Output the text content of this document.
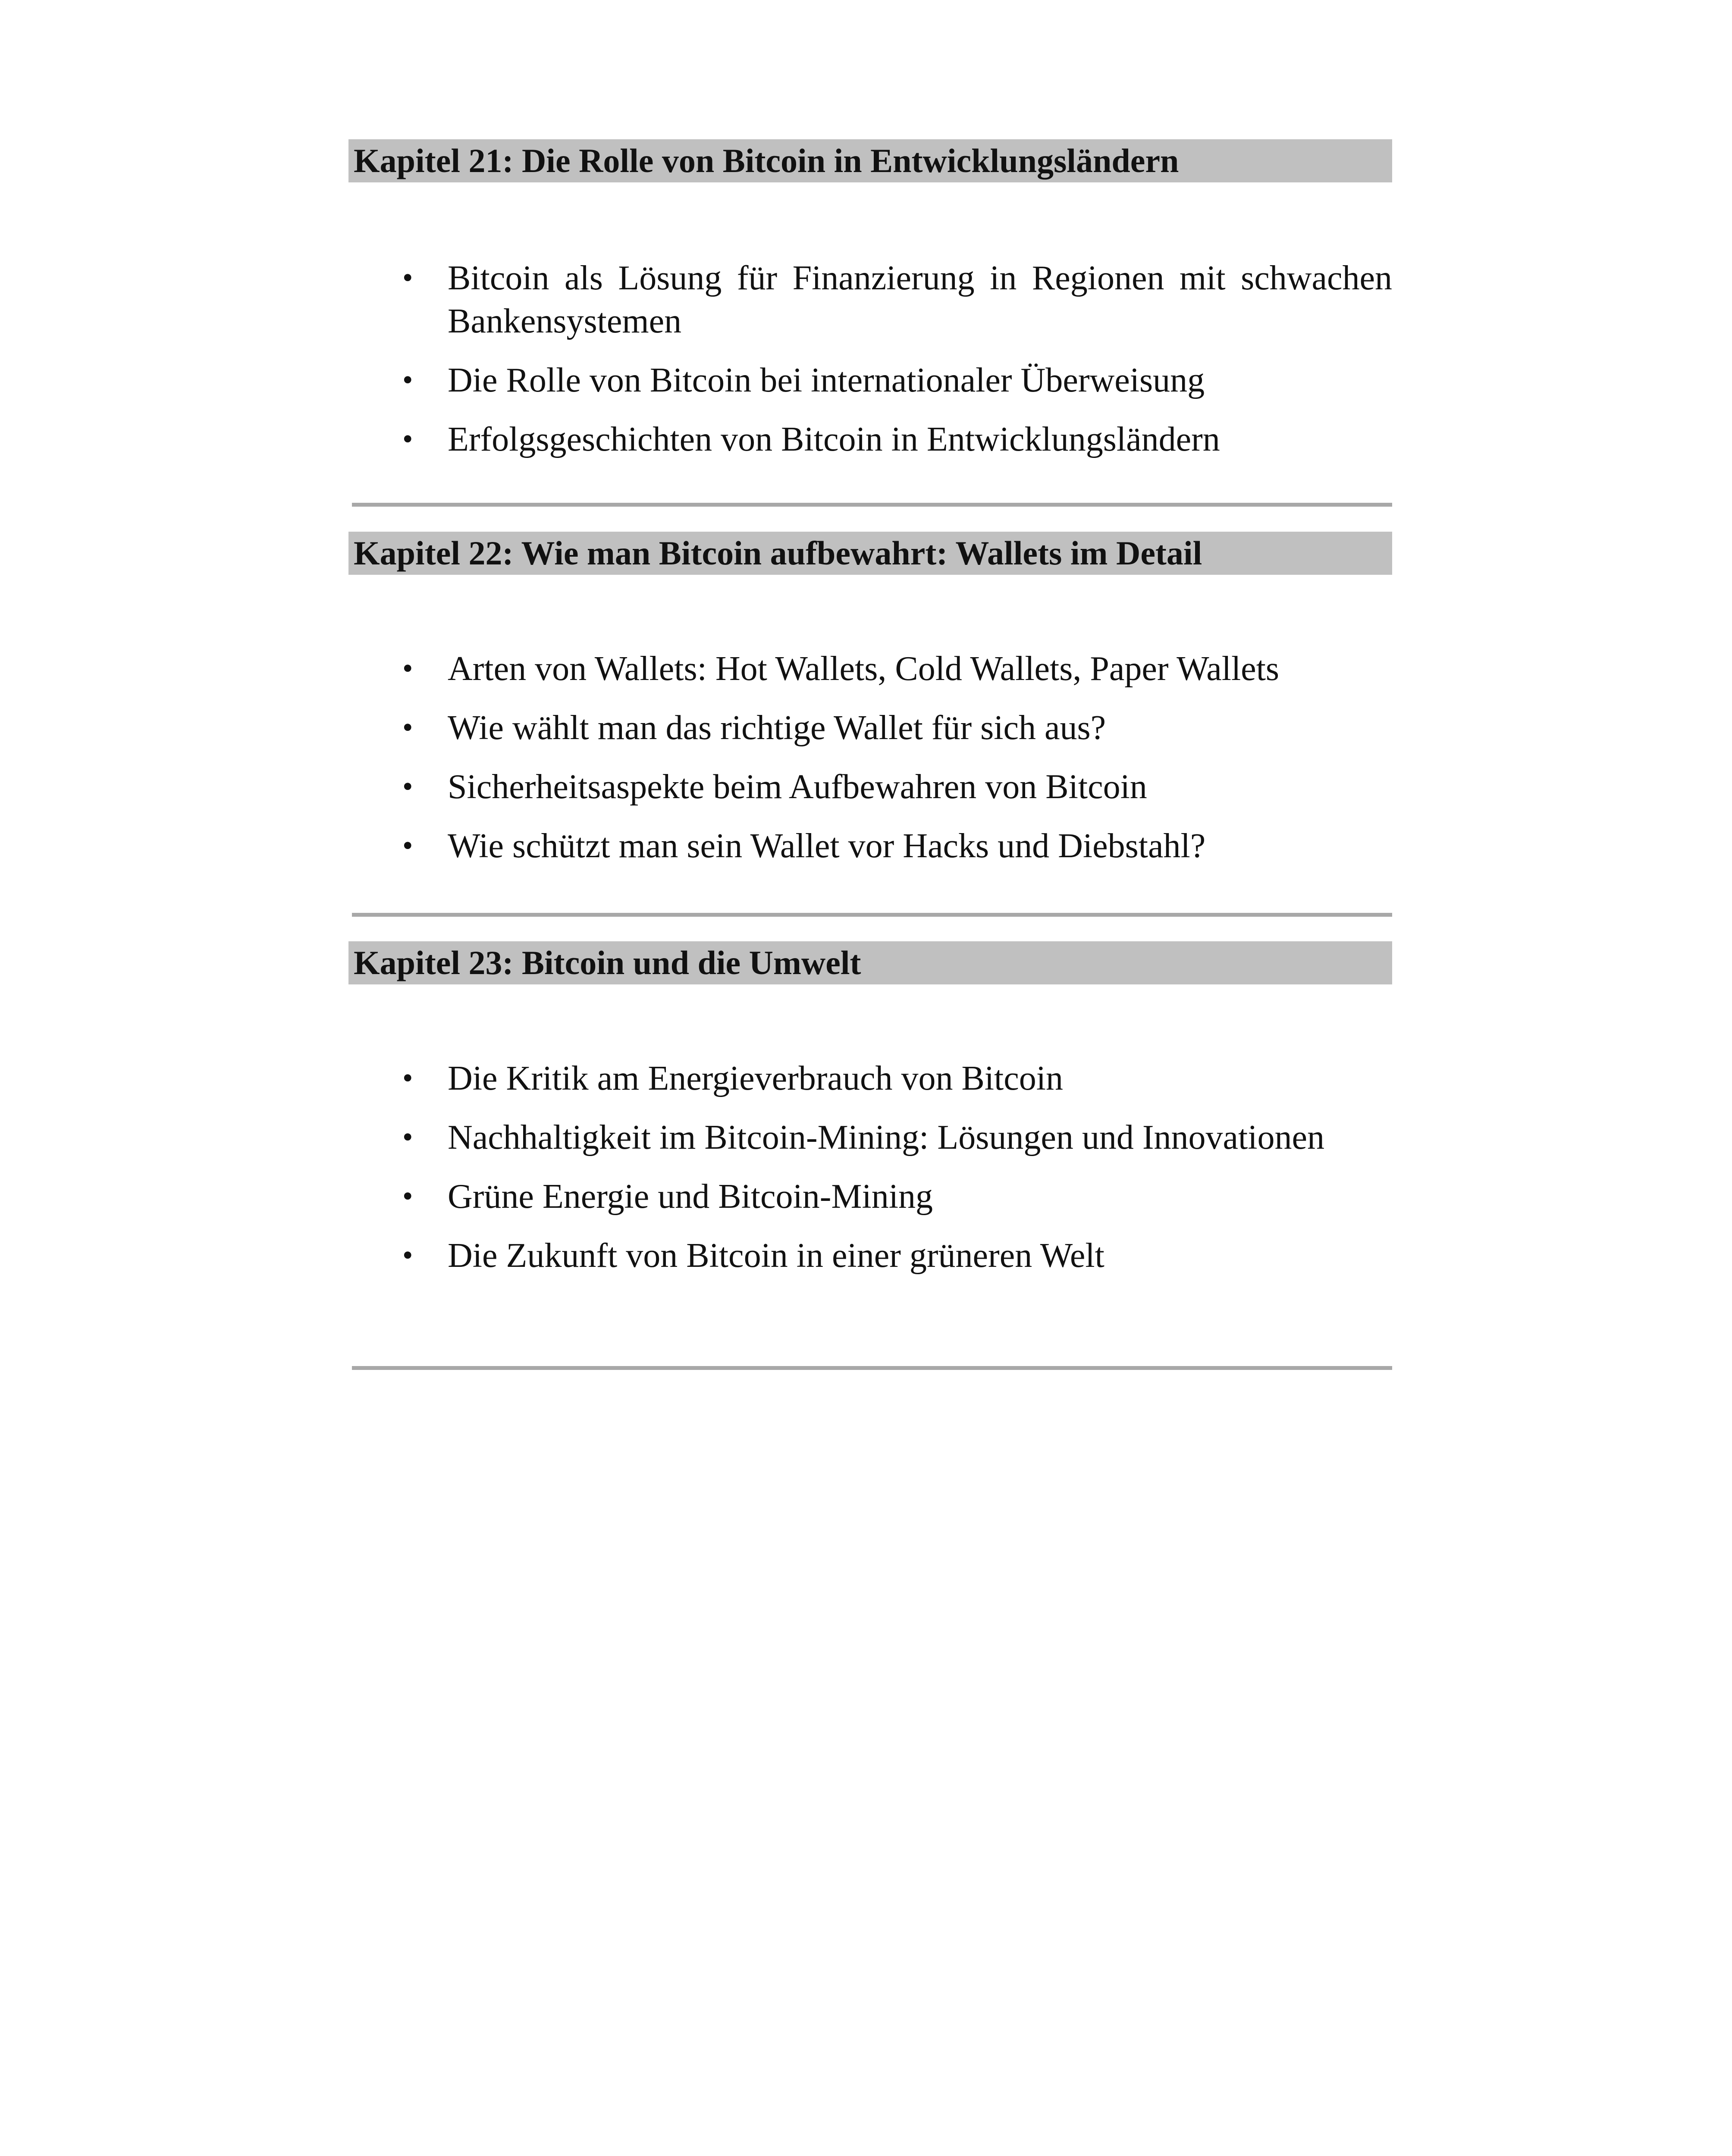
Kapitel 21: Die Rolle von Bitcoin in Entwicklungsländern
• Bitcoin als Lösung für Finanzierung in Regionen mit schwachen Bankensystemen
• Die Rolle von Bitcoin bei internationaler Überweisung
• Erfolgsgeschichten von Bitcoin in Entwicklungsländern
Kapitel 22: Wie man Bitcoin aufbewahrt: Wallets im Detail
• Arten von Wallets: Hot Wallets, Cold Wallets, Paper Wallets
• Wie wählt man das richtige Wallet für sich aus?
• Sicherheitsaspekte beim Aufbewahren von Bitcoin
• Wie schützt man sein Wallet vor Hacks und Diebstahl?
Kapitel 23: Bitcoin und die Umwelt
• Die Kritik am Energieverbrauch von Bitcoin
• Nachhaltigkeit im Bitcoin-Mining: Lösungen und Innovationen
• Grüne Energie und Bitcoin-Mining
• Die Zukunft von Bitcoin in einer grüneren Welt
